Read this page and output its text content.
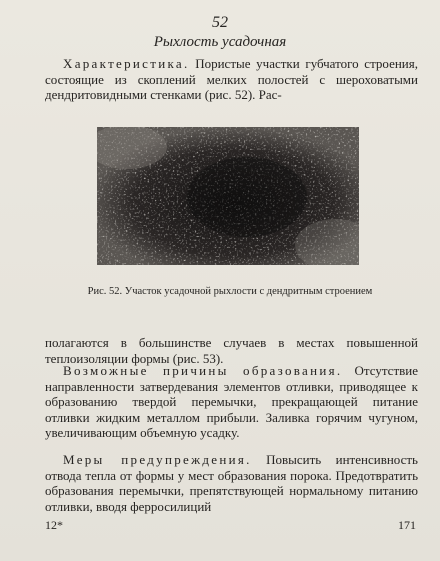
52
Рыхлость усадочная

Характеристика. Пористые участки губчатого строения, состоящие из скоплений мелких полостей с шероховатыми дендритовидными стенками (рис. 52). Рас-

Рис. 52. Участок усадочной рыхлости с дендритным строением

полагаются в большинстве случаев в местах повышенной теплоизоляции формы (рис. 53).

Возможные причины образования. Отсутствие направленности затвердевания элементов отливки, приводящее к образованию твердой перемычки, прекращающей питание отливки жидким металлом прибыли. Заливка горячим чугуном, увеличивающим объемную усадку.

Меры предупреждения. Повысить интенсивность отвода тепла от формы у мест образования порока. Предотвратить образования перемычки, препятствующей нормальному питанию отливки, вводя ферросилиций

12*	171
